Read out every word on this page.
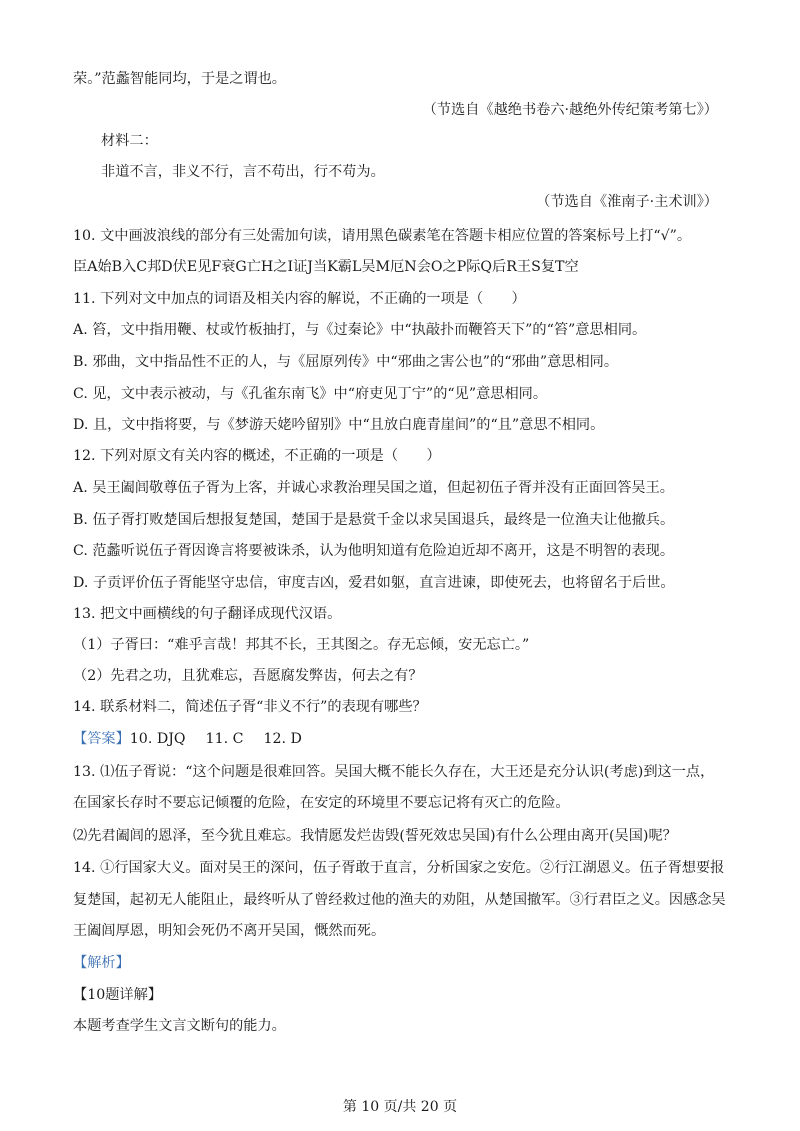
荣。”范蠡智能同均，于是之谓也。
（节选自《越绝书卷六·越绝外传纪策考第七》）
材料二：
非道不言，非义不行，言不苟出，行不苟为。
（节选自《淮南子·主术训》）
10. 文中画波浪线的部分有三处需加句读，请用黑色碳素笔在答题卡相应位置的答案标号上打“√”。
臣A始B入C邦D伏E见F衰G亡H之I证J当K霸L吴M厄N会O之P际Q后R王S复T空
11. 下列对文中加点的词语及相关内容的解说，不正确的一项是（　　）
A. 笞，文中指用鞭、杖或竹板抽打，与《过秦论》中“执敲扑而鞭笞天下”的“笞”意思相同。
B. 邪曲，文中指品性不正的人，与《屈原列传》中“邪曲之害公也”的“邪曲”意思相同。
C. 见，文中表示被动，与《孔雀东南飞》中“府吏见丁宁”的“见”意思相同。
D. 且，文中指将要，与《梦游天姥吟留别》中“且放白鹿青崖间”的“且”意思不相同。
12. 下列对原文有关内容的概述，不正确的一项是（　　）
A. 吴王阖闾敬尊伍子胥为上客，并诚心求教治理吴国之道，但起初伍子胥并没有正面回答吴王。
B. 伍子胥打败楚国后想报复楚国，楚国于是悬赏千金以求吴国退兵，最终是一位渔夫让他撤兵。
C. 范蠡听说伍子胥因谗言将要被诛杀，认为他明知道有危险迫近却不离开，这是不明智的表现。
D. 子贡评价伍子胥能坚守忠信，审度吉凶，爱君如躯，直言进谏，即使死去，也将留名于后世。
13. 把文中画横线的句子翻译成现代汉语。
（1）子胥曰：“难乎言哉！邦其不长，王其图之。存无忘倾，安无忘亡。”
（2）先君之功，且犹难忘，吾愿腐发弊齿，何去之有？
14. 联系材料二，简述伍子胥“非义不行”的表现有哪些？
【答案】10. DJQ 11. C 12. D
13. ⑴伍子胥说：“这个问题是很难回答。吴国大概不能长久存在，大王还是充分认识(考虑)到这一点，
在国家长存时不要忘记倾覆的危险，在安定的环境里不要忘记将有灭亡的危险。
⑵先君阖闾的恩泽，至今犹且难忘。我情愿发烂齿毁(誓死效忠吴国)有什么公理由离开(吴国)呢？
14. ①行国家大义。面对吴王的深问，伍子胥敢于直言，分析国家之安危。②行江湖恩义。伍子胥想要报
复楚国，起初无人能阻止，最终听从了曾经救过他的渔夫的劝阻，从楚国撤军。③行君臣之义。因感念吴
王阖闾厚恩，明知会死仍不离开吴国，慨然而死。
【解析】
【10题详解】
本题考查学生文言文断句的能力。
第 10 页/共 20 页
